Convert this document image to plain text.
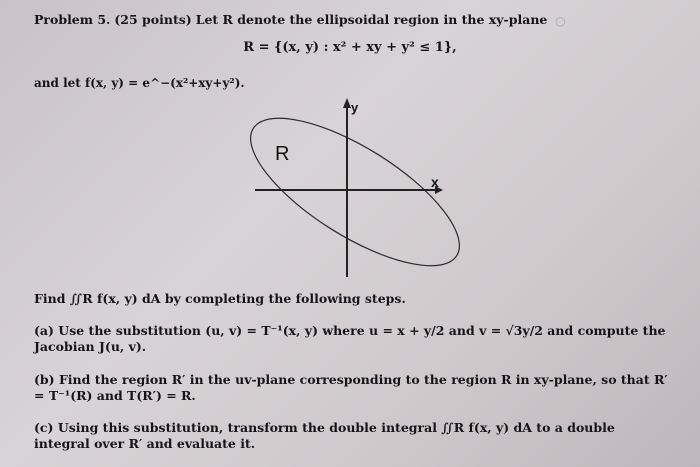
○
Problem 5. (25 points) Let R denote the ellipsoidal region in the xy-plane
R = {(x, y) : x² + xy + y² ≤ 1},
and let f(x, y) = e^−(x²+xy+y²).
R
y
x
Find ∬R f(x, y) dA by completing the following steps.
(a) Use the substitution (u, v) = T⁻¹(x, y) where u = x + y/2 and v = √3y/2 and compute the Jacobian J(u, v).
(b) Find the region R′ in the uv-plane corresponding to the region R in xy-plane, so that R′ = T⁻¹(R) and T(R′) = R.
(c) Using this substitution, transform the double integral ∬R f(x, y) dA to a double integral over R′ and evaluate it.
